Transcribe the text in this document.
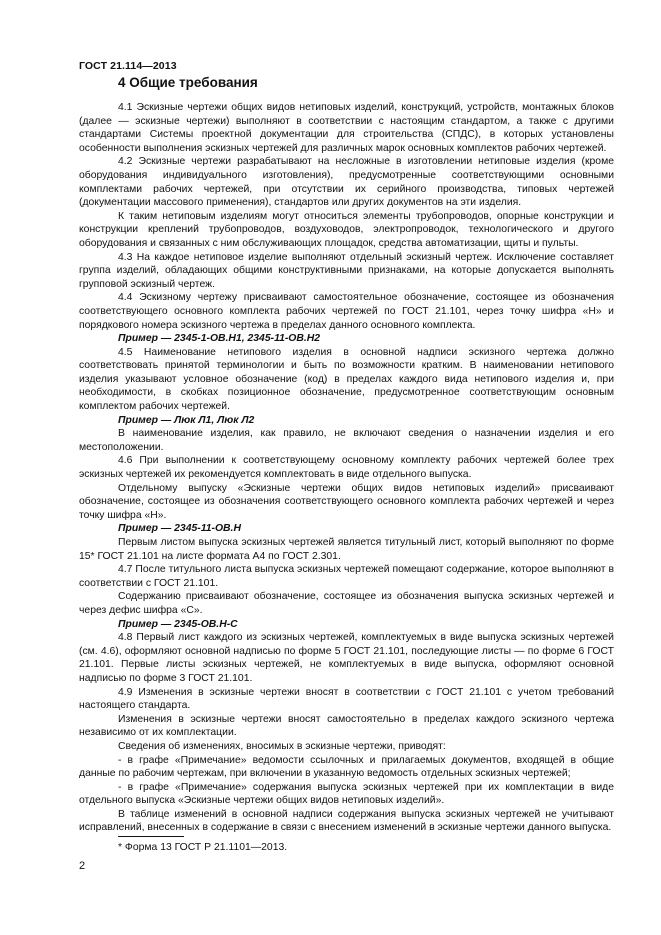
ГОСТ 21.114—2013
4 Общие требования

4.1 Эскизные чертежи общих видов нетиповых изделий, конструкций, устройств, монтажных блоков (далее — эскизные чертежи) выполняют в соответствии с настоящим стандартом, а также с другими стандартами Системы проектной документации для строительства (СПДС), в которых установлены особенности выполнения эскизных чертежей для различных марок основных комплектов рабочих чертежей.

4.2 Эскизные чертежи разрабатывают на несложные в изготовлении нетиповые изделия (кроме оборудования индивидуального изготовления), предусмотренные соответствующими основными комплектами рабочих чертежей, при отсутствии их серийного производства, типовых чертежей (документации массового применения), стандартов или других документов на эти изделия.

К таким нетиповым изделиям могут относиться элементы трубопроводов, опорные конструкции и конструкции креплений трубопроводов, воздуховодов, электропроводок, технологического и другого оборудования и связанных с ним обслуживающих площадок, средства автоматизации, щиты и пульты.

4.3 На каждое нетиповое изделие выполняют отдельный эскизный чертеж. Исключение составляет группа изделий, обладающих общими конструктивными признаками, на которые допускается выполнять групповой эскизный чертеж.

4.4 Эскизному чертежу присваивают самостоятельное обозначение, состоящее из обозначения соответствующего основного комплекта рабочих чертежей по ГОСТ 21.101, через точку шифра «Н» и порядкового номера эскизного чертежа в пределах данного основного комплекта.

Пример — 2345-1-ОВ.Н1, 2345-11-ОВ.Н2

4.5 Наименование нетипового изделия в основной надписи эскизного чертежа должно соответствовать принятой терминологии и быть по возможности кратким. В наименовании нетипового изделия указывают условное обозначение (код) в пределах каждого вида нетипового изделия и, при необходимости, в скобках позиционное обозначение, предусмотренное соответствующим основным комплектом рабочих чертежей.

Пример — Люк Л1, Люк Л2

В наименование изделия, как правило, не включают сведения о назначении изделия и его местоположении.

4.6 При выполнении к соответствующему основному комплекту рабочих чертежей более трех эскизных чертежей их рекомендуется комплектовать в виде отдельного выпуска.

Отдельному выпуску «Эскизные чертежи общих видов нетиповых изделий» присваивают обозначение, состоящее из обозначения соответствующего основного комплекта рабочих чертежей и через точку шифра «Н».

Пример — 2345-11-ОВ.Н

Первым листом выпуска эскизных чертежей является титульный лист, который выполняют по форме 15* ГОСТ 21.101 на листе формата А4 по ГОСТ 2.301.

4.7 После титульного листа выпуска эскизных чертежей помещают содержание, которое выполняют в соответствии с ГОСТ 21.101.

Содержанию присваивают обозначение, состоящее из обозначения выпуска эскизных чертежей и через дефис шифра «С».

Пример — 2345-ОВ.Н-С

4.8 Первый лист каждого из эскизных чертежей, комплектуемых в виде выпуска эскизных чертежей (см. 4.6), оформляют основной надписью по форме 5 ГОСТ 21.101, последующие листы — по форме 6 ГОСТ 21.101. Первые листы эскизных чертежей, не комплектуемых в виде выпуска, оформляют основной надписью по форме 3 ГОСТ 21.101.

4.9 Изменения в эскизные чертежи вносят в соответствии с ГОСТ 21.101 с учетом требований настоящего стандарта.

Изменения в эскизные чертежи вносят самостоятельно в пределах каждого эскизного чертежа независимо от их комплектации.

Сведения об изменениях, вносимых в эскизные чертежи, приводят:

- в графе «Примечание» ведомости ссылочных и прилагаемых документов, входящей в общие данные по рабочим чертежам, при включении в указанную ведомость отдельных эскизных чертежей;

- в графе «Примечание» содержания выпуска эскизных чертежей при их комплектации в виде отдельного выпуска «Эскизные чертежи общих видов нетиповых изделий».

В таблице изменений в основной надписи содержания выпуска эскизных чертежей не учитывают исправлений, внесенных в содержание в связи с внесением изменений в эскизные чертежи данного выпуска.

* Форма 13 ГОСТ Р 21.1101—2013.
2
